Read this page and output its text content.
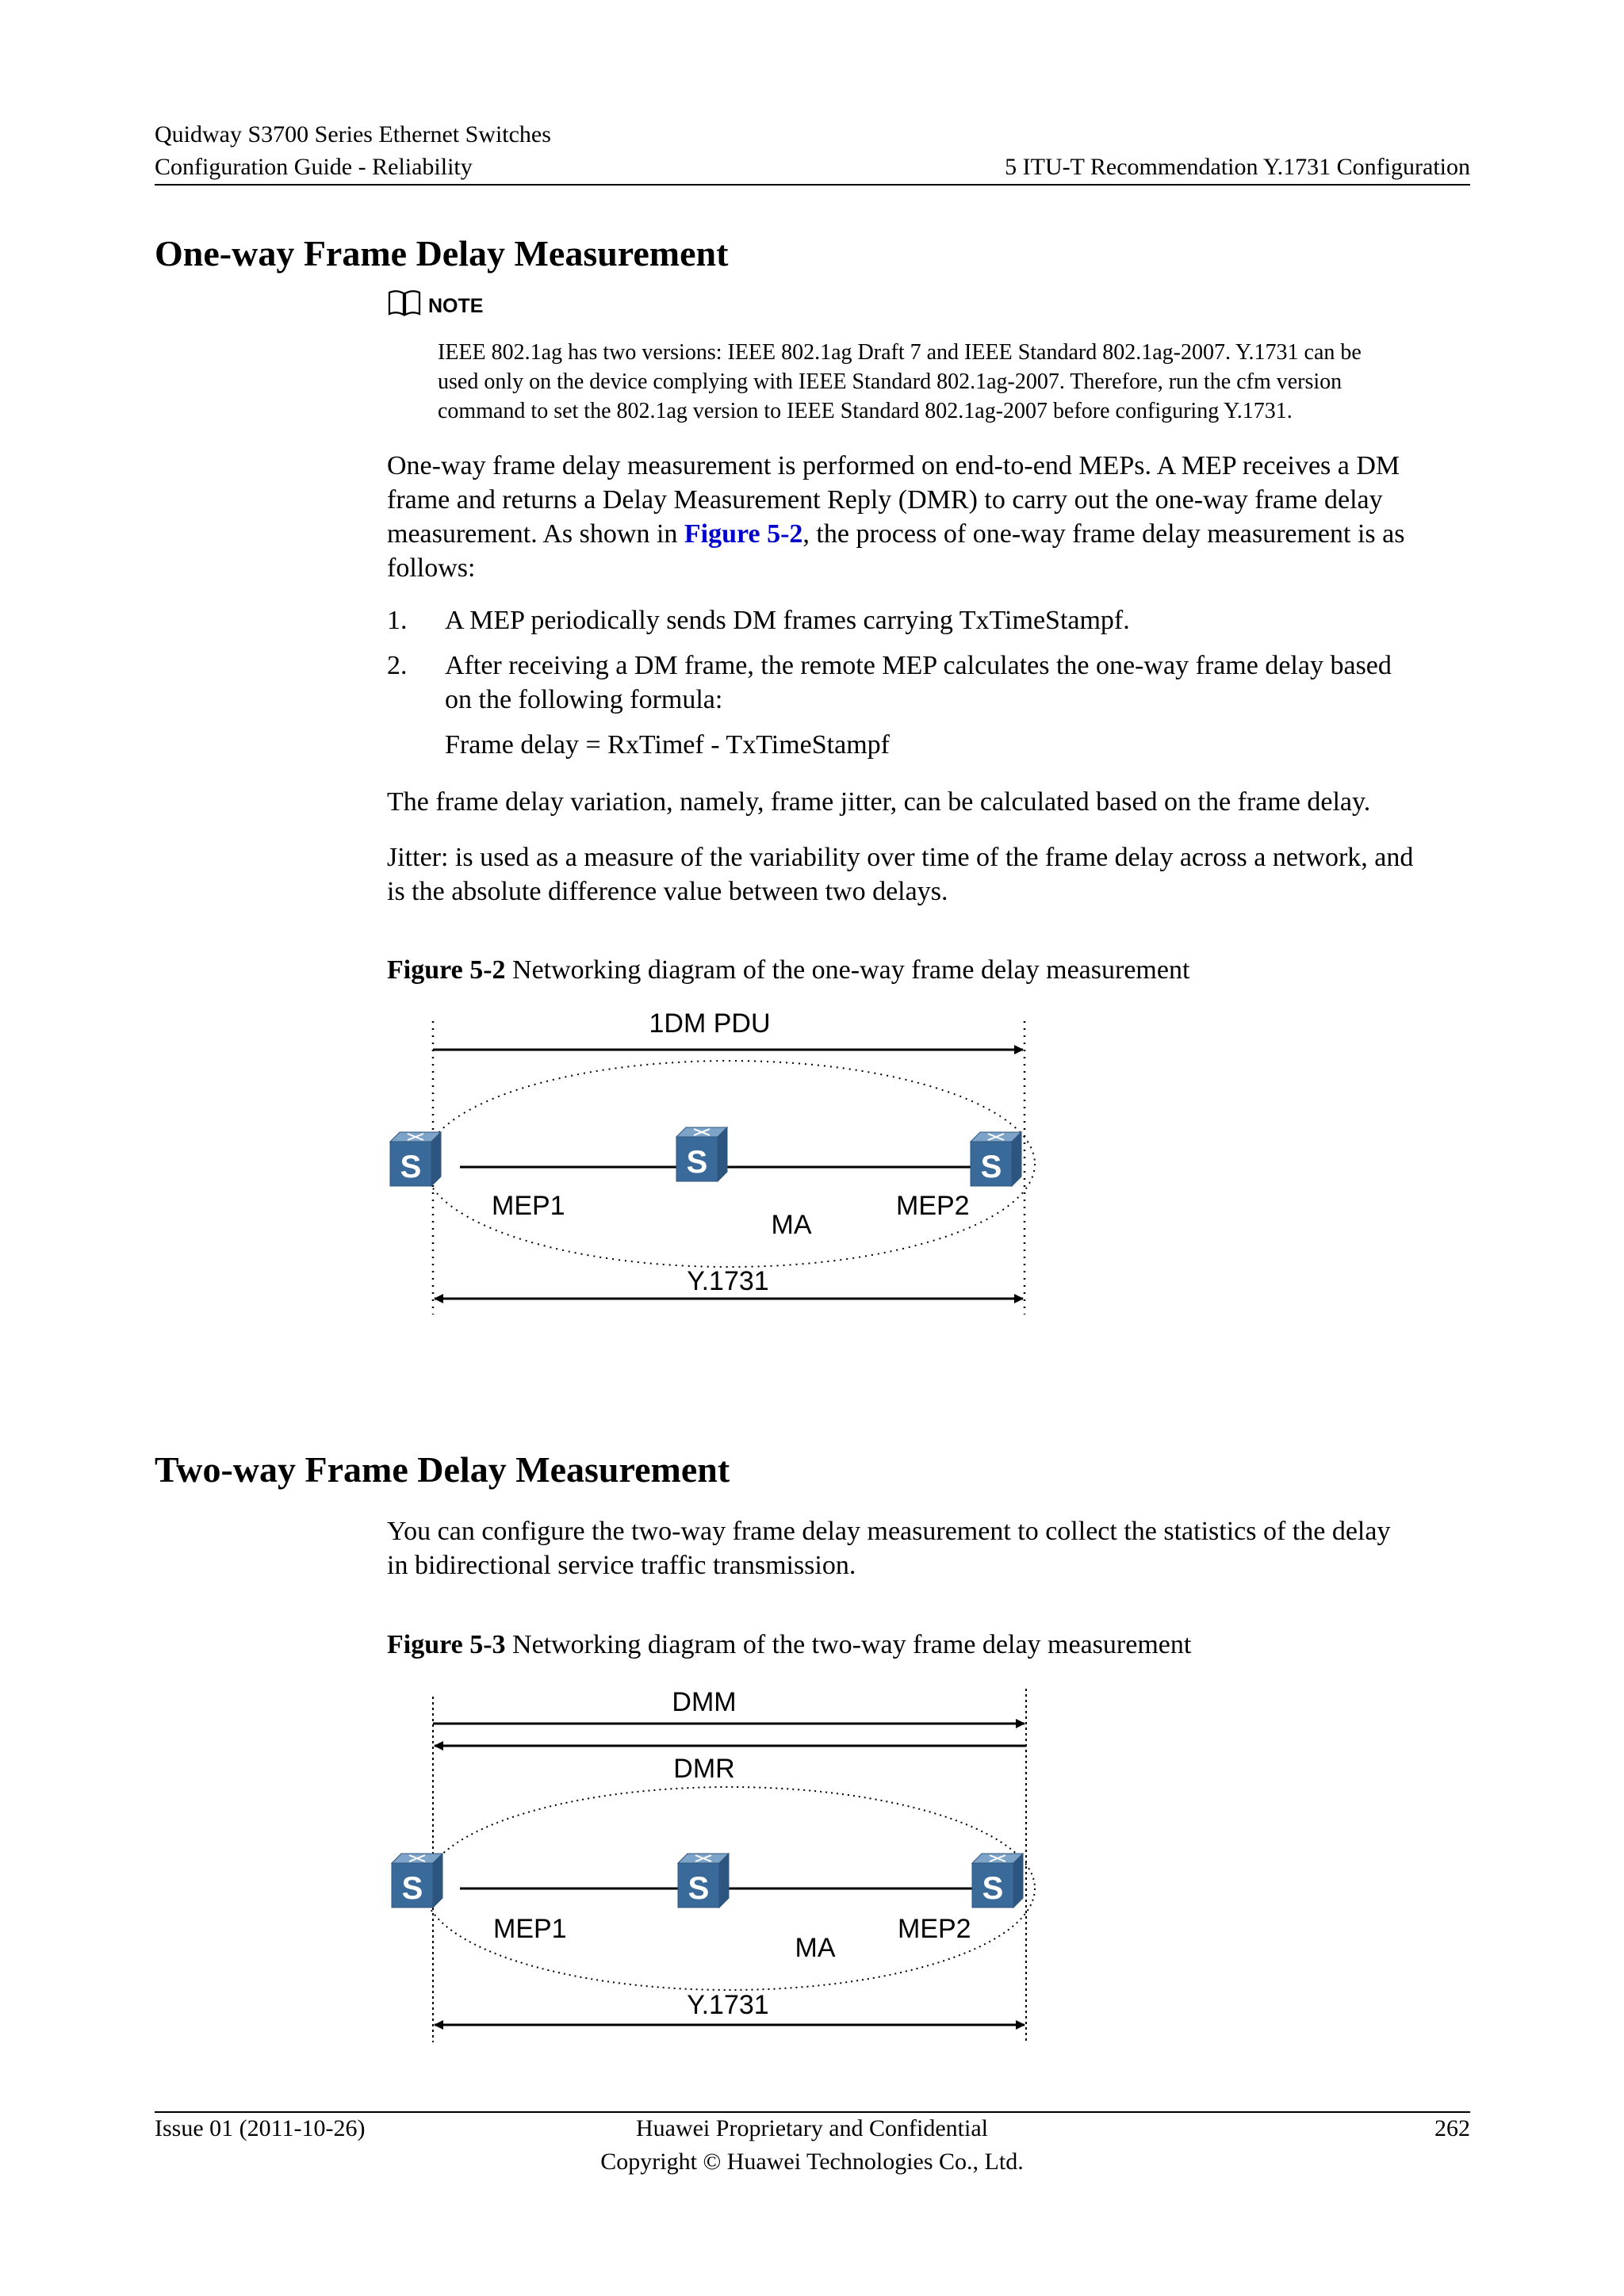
Quidway S3700 Series Ethernet Switches
Configuration Guide - Reliability	5 ITU-T Recommendation Y.1731 Configuration
One-way Frame Delay Measurement
NOTE
IEEE 802.1ag has two versions: IEEE 802.1ag Draft 7 and IEEE Standard 802.1ag-2007. Y.1731 can be
used only on the device complying with IEEE Standard 802.1ag-2007. Therefore, run the cfm version
command to set the 802.1ag version to IEEE Standard 802.1ag-2007 before configuring Y.1731.
One-way frame delay measurement is performed on end-to-end MEPs. A MEP receives a DM
frame and returns a Delay Measurement Reply (DMR) to carry out the one-way frame delay
measurement. As shown in Figure 5-2, the process of one-way frame delay measurement is as
follows:
1. A MEP periodically sends DM frames carrying TxTimeStampf.
2. After receiving a DM frame, the remote MEP calculates the one-way frame delay based
on the following formula:
Frame delay = RxTimef - TxTimeStampf
The frame delay variation, namely, frame jitter, can be calculated based on the frame delay.
Jitter: is used as a measure of the variability over time of the frame delay across a network, and
is the absolute difference value between two delays.
Figure 5-2 Networking diagram of the one-way frame delay measurement
1DM PDU
S	S	S
MEP1
MA
MEP2
Y.1731
Two-way Frame Delay Measurement
You can configure the two-way frame delay measurement to collect the statistics of the delay
in bidirectional service traffic transmission.
Figure 5-3 Networking diagram of the two-way frame delay measurement
DMM
DMR
S	S	S
MEP1
MA
MEP2
Y.1731
Issue 01 (2011-10-26)	Huawei Proprietary and Confidential
Copyright © Huawei Technologies Co., Ltd.
262
